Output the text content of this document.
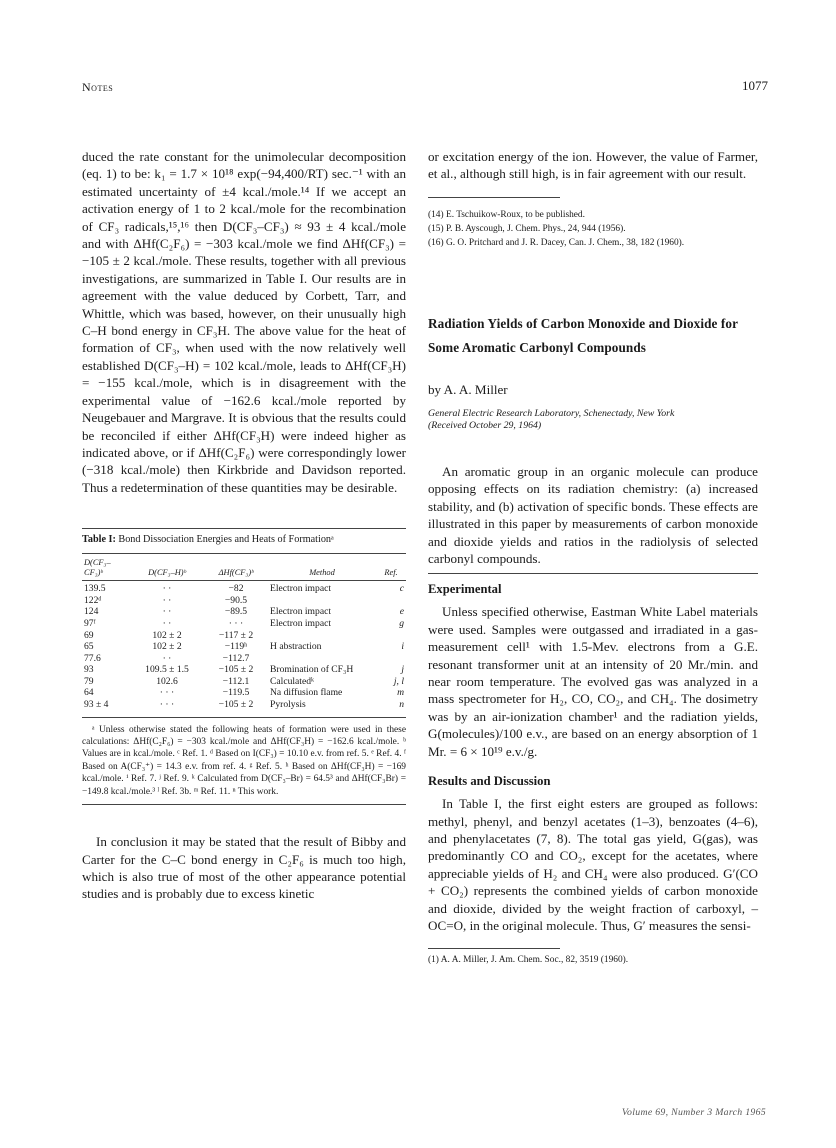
Notes	1077

duced the rate constant for the unimolecular decomposition (eq. 1) to be: k₁ = 1.7 × 10¹⁸ exp(−94,400/RT) sec.⁻¹ with an estimated uncertainty of ±4 kcal./mole.¹⁴ If we accept an activation energy of 1 to 2 kcal./mole for the recombination of CF₃ radicals,¹⁵,¹⁶ then D(CF₃–CF₃) ≈ 93 ± 4 kcal./mole and with ΔHf(C₂F₆) = −303 kcal./mole we find ΔHf(CF₃) = −105 ± 2 kcal./mole. These results, together with all previous investigations, are summarized in Table I. Our results are in agreement with the value deduced by Corbett, Tarr, and Whittle, which was based, however, on their unusually high C–H bond energy in CF₃H. The above value for the heat of formation of CF₃, when used with the now relatively well established D(CF₃–H) = 102 kcal./mole, leads to ΔHf(CF₃H) = −155 kcal./mole, which is in disagreement with the experimental value of −162.6 kcal./mole reported by Neugebauer and Margrave. It is obvious that the results could be reconciled if either ΔHf(CF₃H) were indeed higher as indicated above, or if ΔHf(C₂F₆) were correspondingly lower (−318 kcal./mole) then Kirkbride and Davidson reported. Thus a redetermination of these quantities may be desirable.

Table I: Bond Dissociation Energies and Heats of Formationᵃ
D(CF₃–CF₃)ᵇ	D(CF₃–H)ᵇ	ΔHf(CF₃)ᵇ	Method	Ref.

139.5	· ·	−82	Electron impact	c
122ᵈ	· ·	−90.5		
124	· ·	−89.5	Electron impact	e
97ᶠ	· ·	· · ·	Electron impact	g
69	102 ± 2	−117 ± 2		
65	102 ± 2	−119ʰ	H abstraction	i
77.6	· ·	−112.7		
93	109.5 ± 1.5	−105 ± 2	Bromination of CF₃H	j
79	102.6	−112.1	Calculatedᵏ	j, l
64	· · ·	−119.5	Na diffusion flame	m
93 ± 4	· · ·	−105 ± 2	Pyrolysis	n
ᵃ Unless otherwise stated the following heats of formation were used in these calculations: ΔHf(C₂F₆) = −303 kcal./mole and ΔHf(CF₃H) = −162.6 kcal./mole. ᵇ Values are in kcal./mole. ᶜ Ref. 1. ᵈ Based on I(CF₃) = 10.10 e.v. from ref. 5. ᵉ Ref. 4. ᶠ Based on A(CF₃⁺) = 14.3 e.v. from ref. 4. ᵍ Ref. 5. ʰ Based on ΔHf(CF₃H) = −169 kcal./mole. ⁱ Ref. 7. ʲ Ref. 9. ᵏ Calculated from D(CF₃–Br) = 64.5³ and ΔHf(CF₃Br) = −149.8 kcal./mole.³ ˡ Ref. 3b. ᵐ Ref. 11. ⁿ This work.

In conclusion it may be stated that the result of Bibby and Carter for the C–C bond energy in C₂F₆ is much too high, which is also true of most of the other appearance potential studies and is probably due to excess kinetic

or excitation energy of the ion. However, the value of Farmer, et al., although still high, is in fair agreement with our result.

(14) E. Tschuikow-Roux, to be published.
(15) P. B. Ayscough, J. Chem. Phys., 24, 944 (1956).
(16) G. O. Pritchard and J. R. Dacey, Can. J. Chem., 38, 182 (1960).
Radiation Yields of Carbon Monoxide and Dioxide for Some Aromatic Carbonyl Compounds
by A. A. Miller
General Electric Research Laboratory, Schenectady, New York
(Received October 29, 1964)

An aromatic group in an organic molecule can produce opposing effects on its radiation chemistry: (a) increased stability, and (b) activation of specific bonds. These effects are illustrated in this paper by measurements of carbon monoxide and dioxide yields and ratios in the radiolysis of selected carbonyl compounds.

Experimental

Unless specified otherwise, Eastman White Label materials were used. Samples were outgassed and irradiated in a gas-measurement cell¹ with 1.5-Mev. electrons from a G.E. resonant transformer unit at an intensity of 20 Mr./min. and near room temperature. The evolved gas was analyzed in a mass spectrometer for H₂, CO, CO₂, and CH₄. The dosimetry was by an air-ionization chamber¹ and the radiation yields, G(molecules)/100 e.v., are based on an energy absorption of 1 Mr. = 6 × 10¹⁹ e.v./g.

Results and Discussion

In Table I, the first eight esters are grouped as follows: methyl, phenyl, and benzyl acetates (1–3), benzoates (4–6), and phenylacetates (7, 8). The total gas yield, G(gas), was predominantly CO and CO₂, except for the acetates, where appreciable yields of H₂ and CH₄ were also produced. G′(CO + CO₂) represents the combined yields of carbon monoxide and dioxide, divided by the weight fraction of carboxyl, –OC=O, in the original molecule. Thus, G′ measures the sensi-

(1) A. A. Miller, J. Am. Chem. Soc., 82, 3519 (1960).
Volume 69, Number 3 March 1965
